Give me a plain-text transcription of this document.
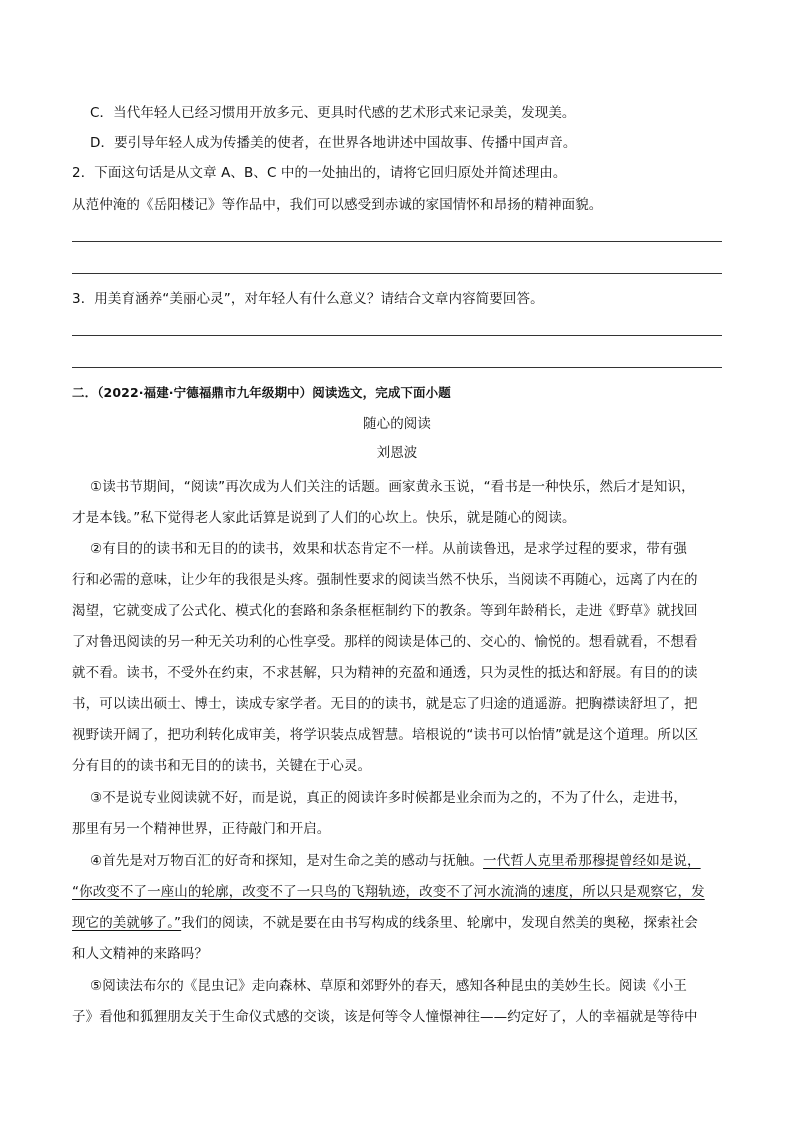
C．当代年轻人已经习惯用开放多元、更具时代感的艺术形式来记录美，发现美。
D．要引导年轻人成为传播美的使者，在世界各地讲述中国故事、传播中国声音。
2．下面这句话是从文章 A、B、C 中的一处抽出的，请将它回归原处并简述理由。
从范仲淹的《岳阳楼记》等作品中，我们可以感受到赤诚的家国情怀和昂扬的精神面貌。
3．用美育涵养“美丽心灵”，对年轻人有什么意义？请结合文章内容简要回答。
二．（2022·福建·宁德福鼎市九年级期中）阅读选文，完成下面小题
随心的阅读
刘恩波
①读书节期间，“阅读”再次成为人们关注的话题。画家黄永玉说，“看书是一种快乐，然后才是知识，
才是本钱。”私下觉得老人家此话算是说到了人们的心坎上。快乐，就是随心的阅读。
②有目的的读书和无目的的读书，效果和状态肯定不一样。从前读鲁迅，是求学过程的要求，带有强
行和必需的意味，让少年的我很是头疼。强制性要求的阅读当然不快乐，当阅读不再随心，远离了内在的
渴望，它就变成了公式化、模式化的套路和条条框框制约下的教条。等到年龄稍长，走进《野草》就找回
了对鲁迅阅读的另一种无关功利的心性享受。那样的阅读是体己的、交心的、愉悦的。想看就看，不想看
就不看。读书，不受外在约束，不求甚解，只为精神的充盈和通透，只为灵性的抵达和舒展。有目的的读
书，可以读出硕士、博士，读成专家学者。无目的的读书，就是忘了归途的逍遥游。把胸襟读舒坦了，把
视野读开阔了，把功利转化成审美，将学识装点成智慧。培根说的“读书可以怡情”就是这个道理。所以区
分有目的的读书和无目的的读书，关键在于心灵。
③不是说专业阅读就不好，而是说，真正的阅读许多时候都是业余而为之的，不为了什么，走进书，
那里有另一个精神世界，正待敲门和开启。
④首先是对万物百汇的好奇和探知，是对生命之美的感动与抚触。一代哲人克里希那穆提曾经如是说，
“你改变不了一座山的轮廓，改变不了一只鸟的飞翔轨迹，改变不了河水流淌的速度，所以只是观察它，发
现它的美就够了。”我们的阅读，不就是要在由书写构成的线条里、轮廓中，发现自然美的奥秘，探索社会
和人文精神的来路吗？
⑤阅读法布尔的《昆虫记》走向森林、草原和郊野外的春天，感知各种昆虫的美妙生长。阅读《小王
子》看他和狐狸朋友关于生命仪式感的交谈，该是何等令人憧憬神往——约定好了，人的幸福就是等待中
